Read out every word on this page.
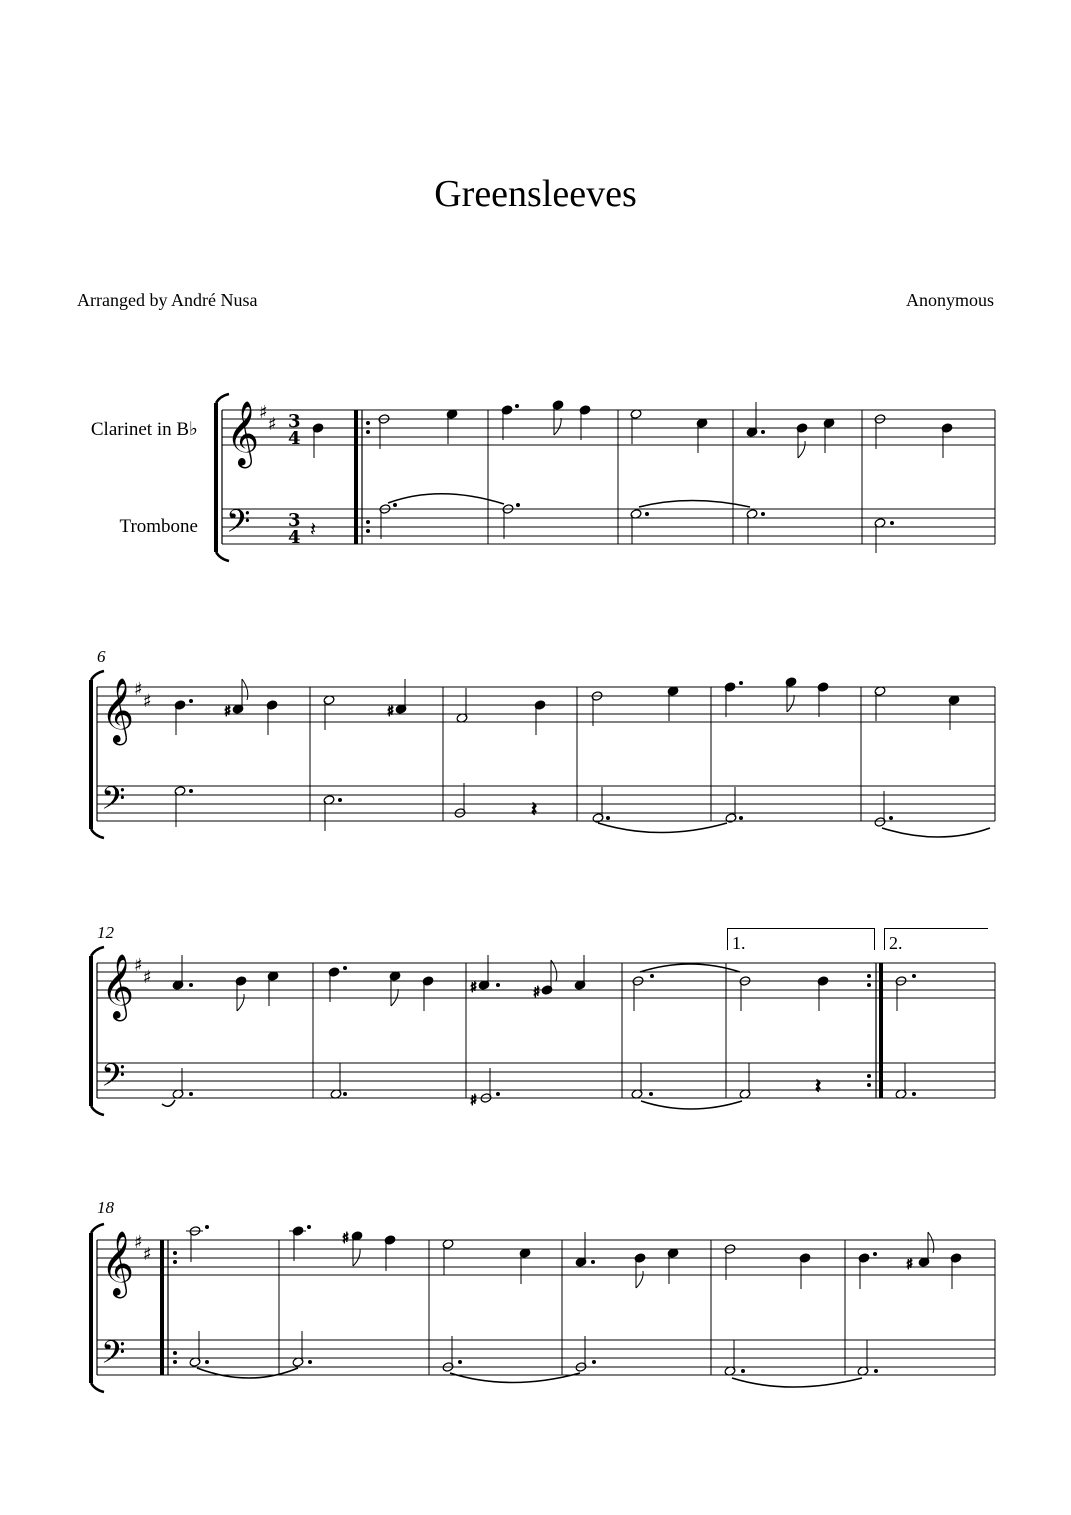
Greensleeves
Arranged by André Nusa	Anonymous
Clarinet in B♭
Trombone
6
12
18
1.	2.
𝄞
𝄢
♯
♯ 3
4
3
4 𝄽
𝄞
𝄢
♯
♯	♯	♯
𝄽
𝄞
𝄢
♯
♯	♯	♯
♯
𝄽
𝄞
𝄢
♯
♯
♯
♯
